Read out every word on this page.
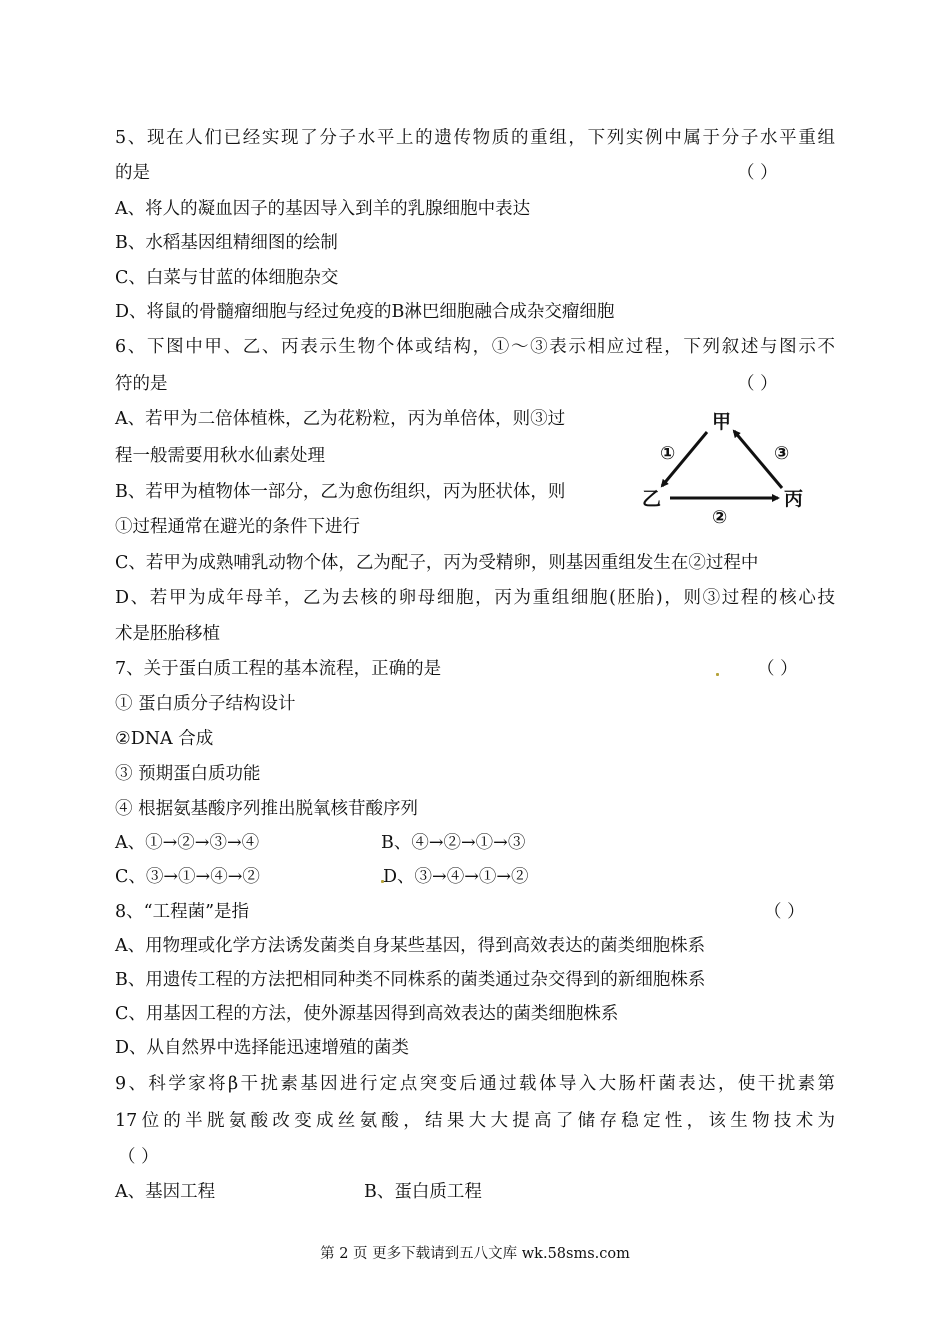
5、现在人们已经实现了分子水平上的遗传物质的重组，下列实例中属于分子水平重组
的是	（ ）
A、将人的凝血因子的基因导入到羊的乳腺细胞中表达
B、水稻基因组精细图的绘制
C、白菜与甘蓝的体细胞杂交
D、将鼠的骨髓瘤细胞与经过免疫的B淋巴细胞融合成杂交瘤细胞
6、下图中甲、乙、丙表示生物个体或结构，①～③表示相应过程，下列叙述与图示不
符的是	（ ）
A、若甲为二倍体植株，乙为花粉粒，丙为单倍体，则③过
程一般需要用秋水仙素处理
B、若甲为植物体一部分，乙为愈伤组织，丙为胚状体，则
①过程通常在避光的条件下进行
C、若甲为成熟哺乳动物个体，乙为配子，丙为受精卵，则基因重组发生在②过程中
D、若甲为成年母羊，乙为去核的卵母细胞，丙为重组细胞(胚胎)，则③过程的核心技
术是胚胎移植
甲
乙	丙
①
②
③
7、关于蛋白质工程的基本流程，正确的是	（ ）
① 蛋白质分子结构设计
②DNA 合成
③ 预期蛋白质功能
④ 根据氨基酸序列推出脱氧核苷酸序列
A、①→②→③→④	B、④→②→①→③
C、③→①→④→②	D、③→④→①→②
8、“工程菌”是指	（ ）
A、用物理或化学方法诱发菌类自身某些基因，得到高效表达的菌类细胞株系
B、用遗传工程的方法把相同种类不同株系的菌类通过杂交得到的新细胞株系
C、用基因工程的方法，使外源基因得到高效表达的菌类细胞株系
D、从自然界中选择能迅速增殖的菌类
9、科学家将β干扰素基因进行定点突变后通过载体导入大肠杆菌表达，使干扰素第
17位的半胱氨酸改变成丝氨酸，结果大大提高了储存稳定性，该生物技术为
（ ）
A、基因工程	B、蛋白质工程
第 2 页 更多下载请到五八文库 wk.58sms.com
